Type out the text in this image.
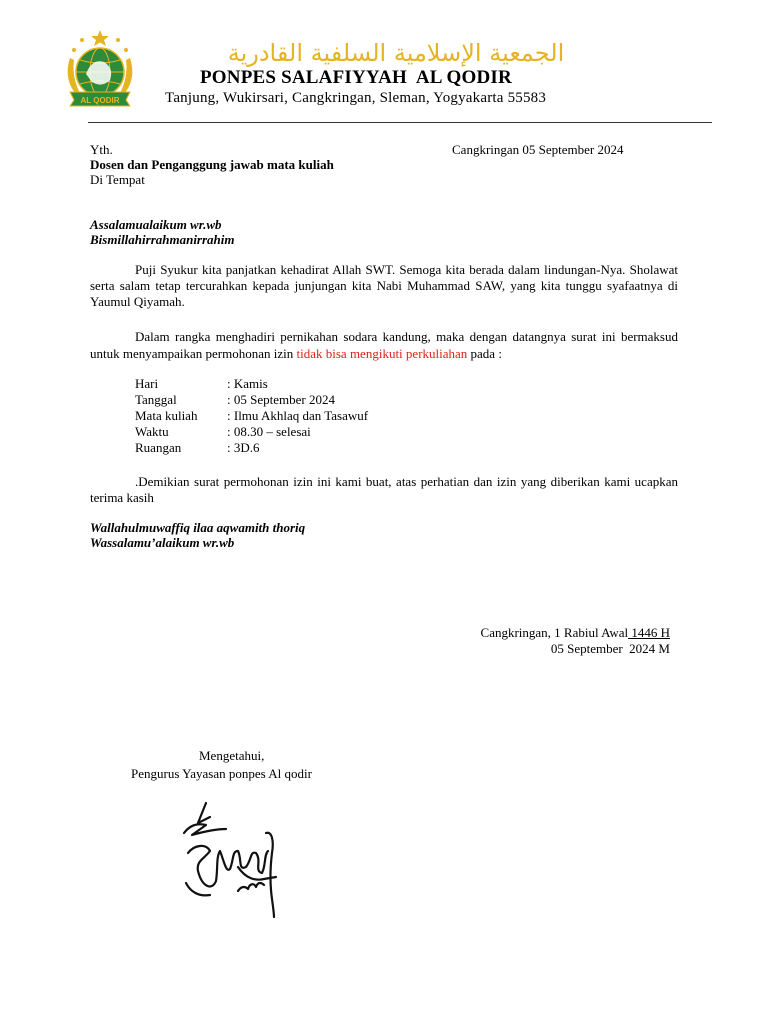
AL QODIR
الجمعية الإسلامية السلفية القادرية
PONPES SALAFIYYAH  AL QODIR
Tanjung, Wukirsari, Cangkringan, Sleman, Yogyakarta 55583
Yth.
Dosen dan Penganggung jawab mata kuliah
Di Tempat
Cangkringan 05 September 2024
Assalamualaikum wr.wb
Bismillahirrahmanirrahim
Puji Syukur kita panjatkan kehadirat Allah SWT. Semoga kita berada dalam lindungan-Nya. Sholawat serta salam tetap tercurahkan kepada junjungan kita Nabi Muhammad SAW, yang kita tunggu syafaatnya di Yaumul Qiyamah.
Dalam rangka menghadiri pernikahan sodara kandung, maka dengan datangnya surat ini bermaksud untuk menyampaikan permohonan izin tidak bisa mengikuti perkuliahan pada :
Hari	: Kamis
Tanggal	: 05 September 2024
Mata kuliah : Ilmu Akhlaq dan Tasawuf
Waktu	: 08.30 – selesai
Ruangan	: 3D.6
.Demikian surat permohonan izin ini kami buat, atas perhatian dan izin yang diberikan kami ucapkan terima kasih
Wallahulmuwaffiq ilaa aqwamith thoriq
Wassalamu’alaikum wr.wb
Cangkringan, 1 Rabiul Awal 1446 H
05 September  2024 M
Mengetahui,
Pengurus Yayasan ponpes Al qodir
